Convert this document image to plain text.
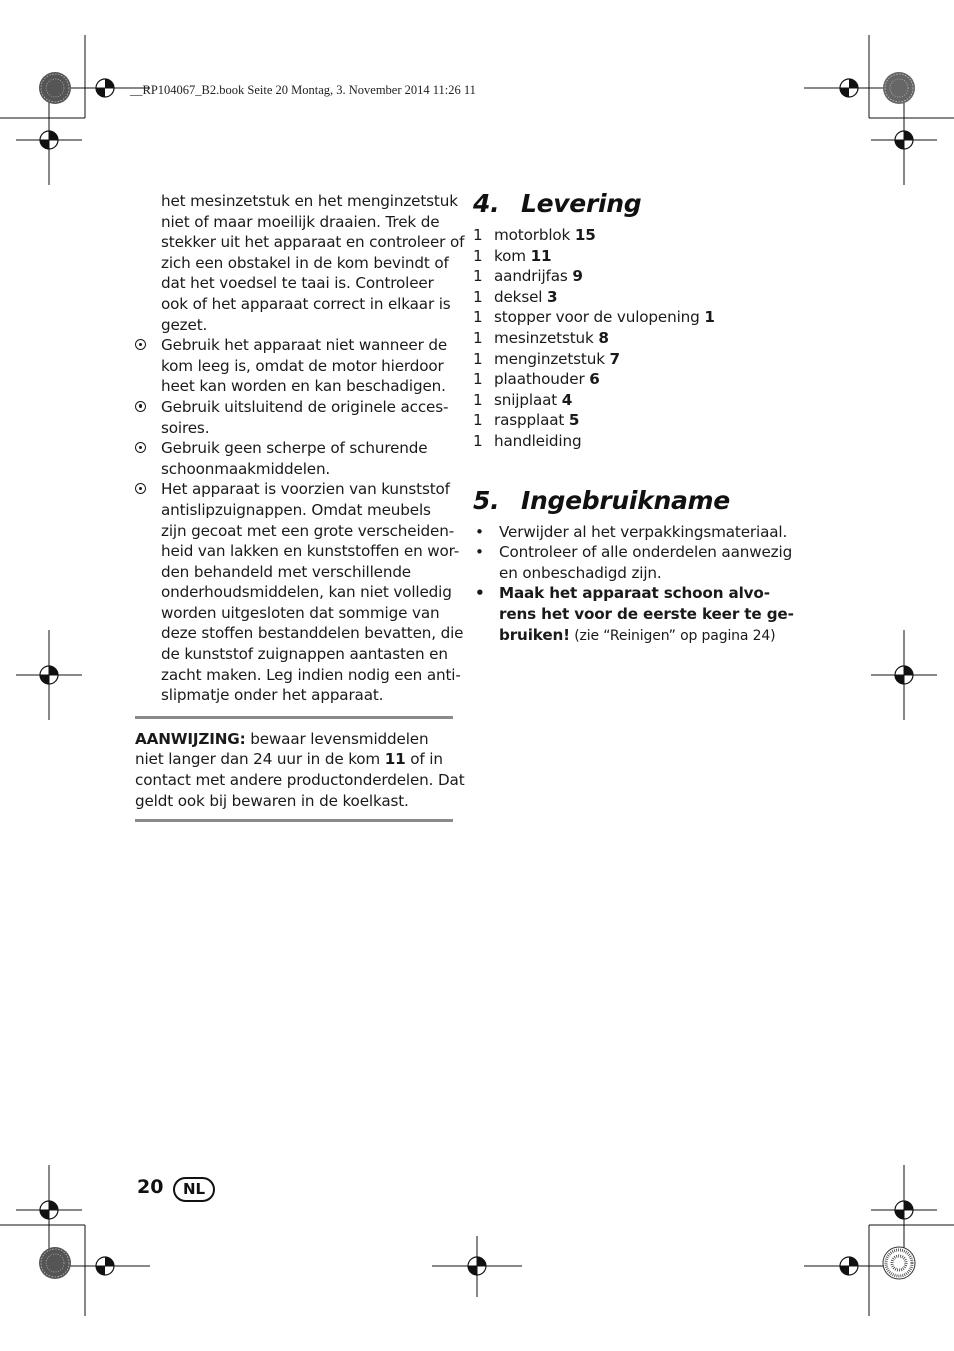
__RP104067_B2.book Seite 20 Montag, 3. November 2014 11:26 11
het mesinzetstuk en het menginzetstuk
niet of maar moeilijk draaien. Trek de
stekker uit het apparaat en controleer of
zich een obstakel in de kom bevindt of
dat het voedsel te taai is. Controleer
ook of het apparaat correct in elkaar is
gezet.
Gebruik het apparaat niet wanneer de
kom leeg is, omdat de motor hierdoor
heet kan worden en kan beschadigen.
Gebruik uitsluitend de originele acces-
soires.
Gebruik geen scherpe of schurende
schoonmaakmiddelen.
Het apparaat is voorzien van kunststof
antislipzuignappen. Omdat meubels
zijn gecoat met een grote verscheiden-
heid van lakken en kunststoffen en wor-
den behandeld met verschillende
onderhoudsmiddelen, kan niet volledig
worden uitgesloten dat sommige van
deze stoffen bestanddelen bevatten, die
de kunststof zuignappen aantasten en
zacht maken. Leg indien nodig een anti-
slipmatje onder het apparaat.
AANWIJZING: bewaar levensmiddelen
niet langer dan 24 uur in de kom 11 of in
contact met andere productonderdelen. Dat
geldt ook bij bewaren in de koelkast.
4. Levering
1 motorblok 15
1 kom 11
1 aandrijfas 9
1 deksel 3
1 stopper voor de vulopening 1
1 mesinzetstuk 8
1 menginzetstuk 7
1 plaathouder 6
1 snijplaat 4
1 raspplaat 5
1 handleiding
5. Ingebruikname
• Verwijder al het verpakkingsmateriaal.
• Controleer of alle onderdelen aanwezig
en onbeschadigd zijn.
• Maak het apparaat schoon alvo-
rens het voor de eerste keer te ge-
bruiken! (zie “Reinigen” op pagina 24)
20	NL
